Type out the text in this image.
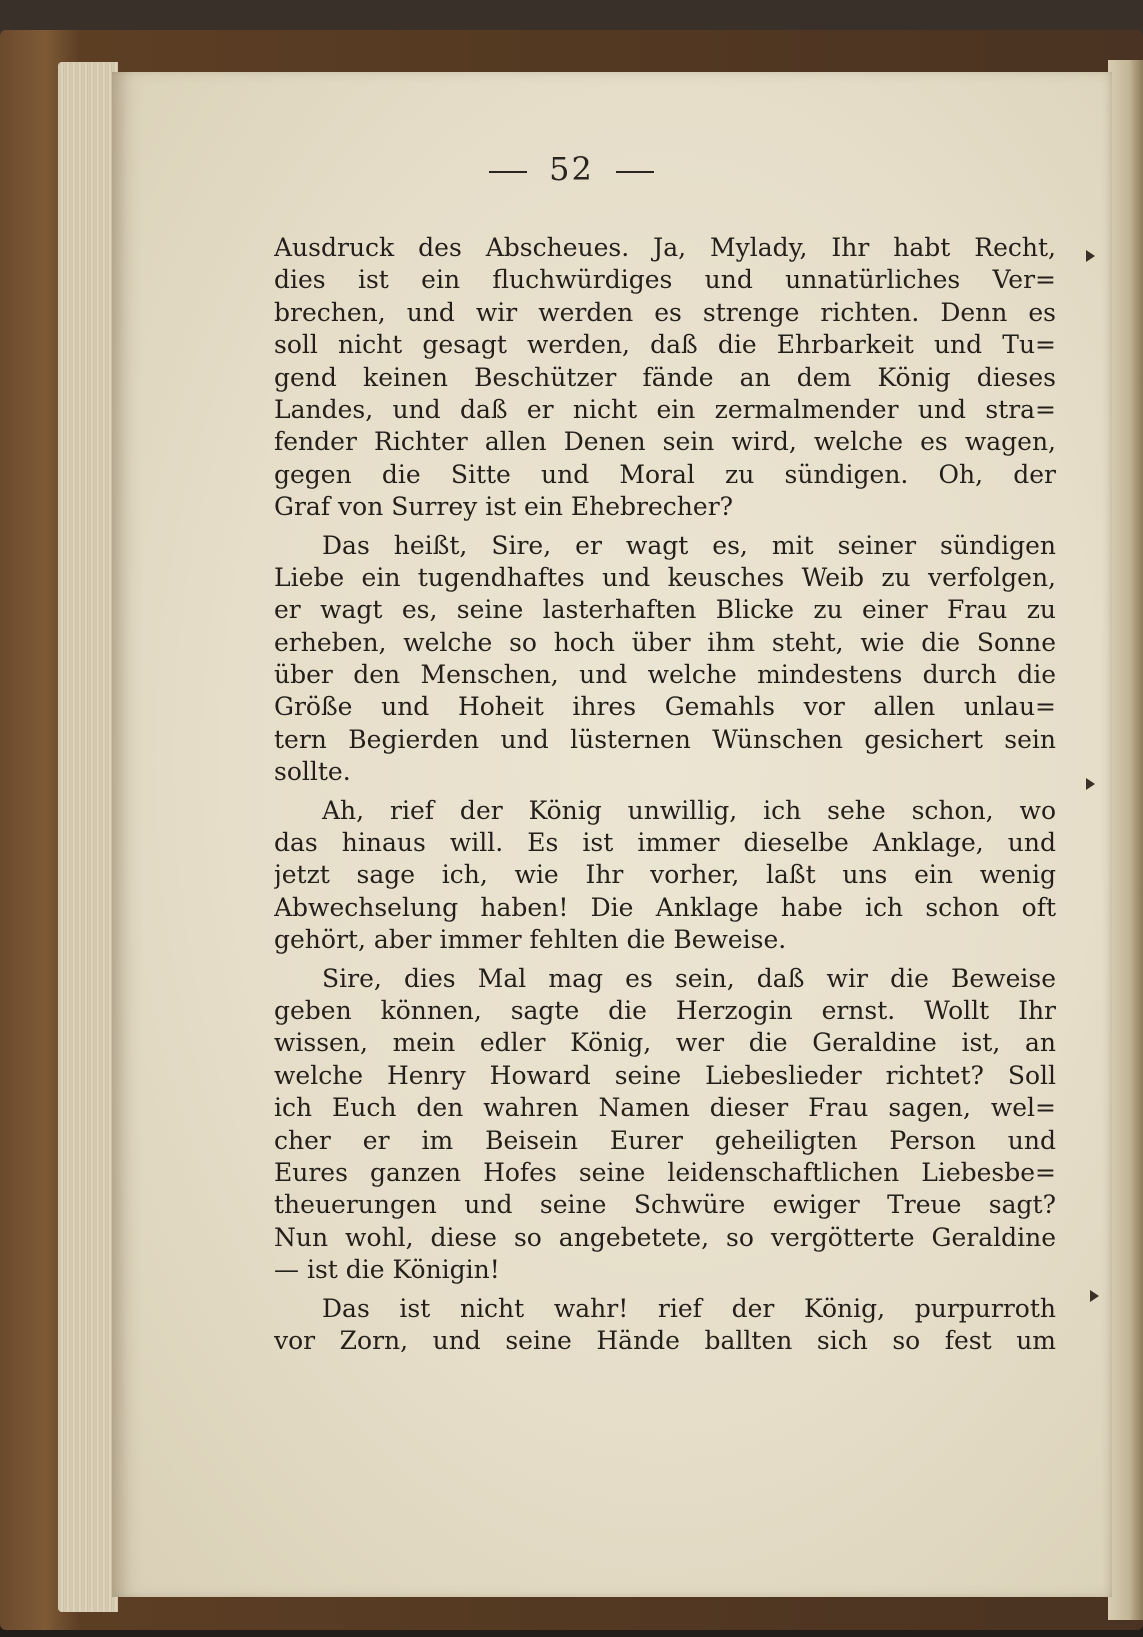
52
Ausdruck des Abscheues. Ja, Mylady, Ihr habt Recht,
dies ist ein fluchwürdiges und unnatürliches Ver=
brechen, und wir werden es strenge richten. Denn es
soll nicht gesagt werden, daß die Ehrbarkeit und Tu=
gend keinen Beschützer fände an dem König dieses
Landes, und daß er nicht ein zermalmender und stra=
fender Richter allen Denen sein wird, welche es wagen,
gegen die Sitte und Moral zu sündigen. Oh, der
Graf von Surrey ist ein Ehebrecher?
Das heißt, Sire, er wagt es, mit seiner sündigen
Liebe ein tugendhaftes und keusches Weib zu verfolgen,
er wagt es, seine lasterhaften Blicke zu einer Frau zu
erheben, welche so hoch über ihm steht, wie die Sonne
über den Menschen, und welche mindestens durch die
Größe und Hoheit ihres Gemahls vor allen unlau=
tern Begierden und lüsternen Wünschen gesichert sein
sollte.
Ah, rief der König unwillig, ich sehe schon, wo
das hinaus will. Es ist immer dieselbe Anklage, und
jetzt sage ich, wie Ihr vorher, laßt uns ein wenig
Abwechselung haben! Die Anklage habe ich schon oft
gehört, aber immer fehlten die Beweise.
Sire, dies Mal mag es sein, daß wir die Beweise
geben können, sagte die Herzogin ernst. Wollt Ihr
wissen, mein edler König, wer die Geraldine ist, an
welche Henry Howard seine Liebeslieder richtet? Soll
ich Euch den wahren Namen dieser Frau sagen, wel=
cher er im Beisein Eurer geheiligten Person und
Eures ganzen Hofes seine leidenschaftlichen Liebesbe=
theuerungen und seine Schwüre ewiger Treue sagt?
Nun wohl, diese so angebetete, so vergötterte Geraldine
— ist die Königin!
Das ist nicht wahr! rief der König, purpurroth
vor Zorn, und seine Hände ballten sich so fest um
